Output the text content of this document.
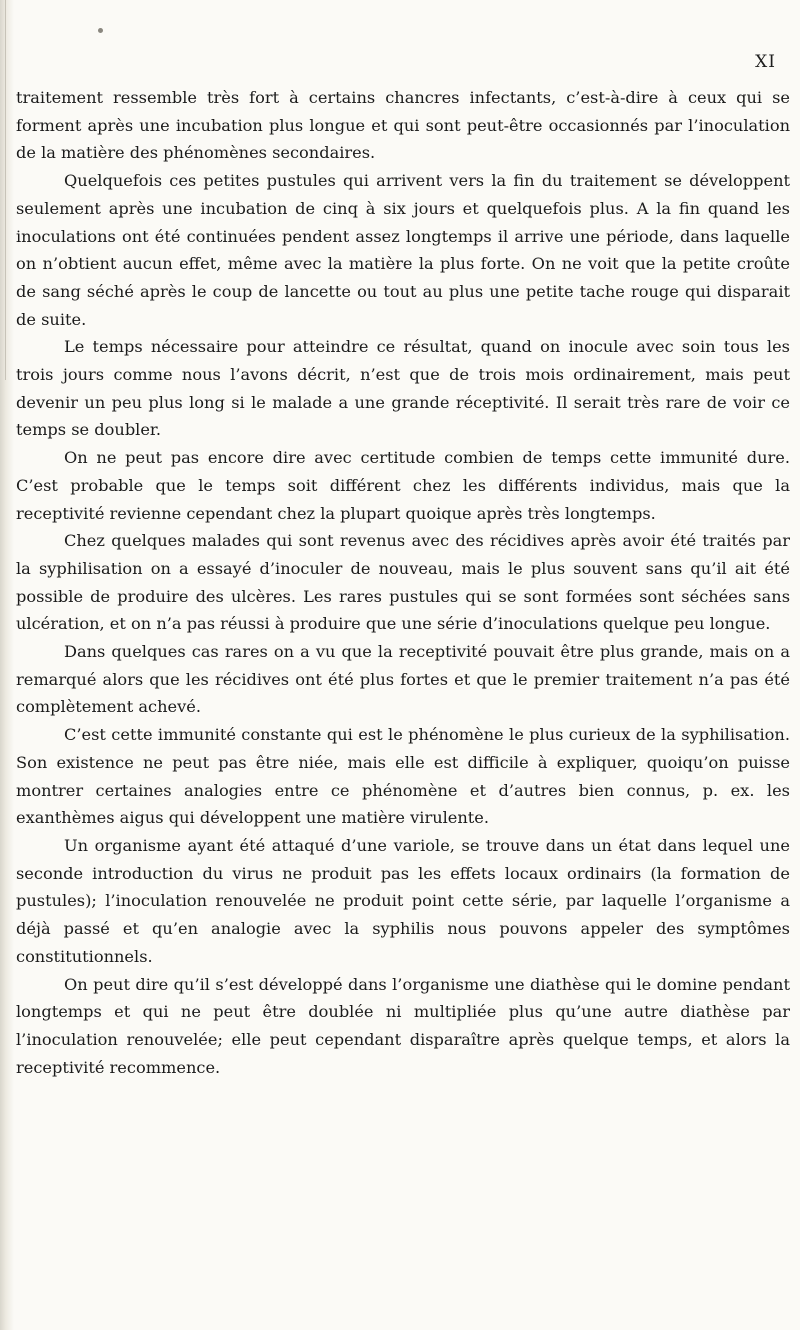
XI

traitement ressemble très fort à certains chancres infectants, c’est-à-dire à ceux qui se forment après une incubation plus longue et qui sont peut-être occasionnés par l’inoculation de la matière des phénomènes secondaires.

Quelquefois ces petites pustules qui arrivent vers la fin du traitement se développent seulement après une incubation de cinq à six jours et quelquefois plus. A la fin quand les inoculations ont été continuées pendent assez longtemps il arrive une période, dans laquelle on n’obtient aucun effet, même avec la matière la plus forte. On ne voit que la petite croûte de sang séché après le coup de lancette ou tout au plus une petite tache rouge qui disparait de suite.

Le temps nécessaire pour atteindre ce résultat, quand on inocule avec soin tous les trois jours comme nous l’avons décrit, n’est que de trois mois ordinairement, mais peut devenir un peu plus long si le malade a une grande réceptivité. Il serait très rare de voir ce temps se doubler.

On ne peut pas encore dire avec certitude combien de temps cette immunité dure. C’est probable que le temps soit différent chez les différents individus, mais que la receptivité revienne cependant chez la plupart quoique après très longtemps.

Chez quelques malades qui sont revenus avec des récidives après avoir été traités par la syphilisation on a essayé d’inoculer de nouveau, mais le plus souvent sans qu’il ait été possible de produire des ulcères. Les rares pustules qui se sont formées sont séchées sans ulcération, et on n’a pas réussi à produire que une série d’inoculations quelque peu longue.

Dans quelques cas rares on a vu que la receptivité pouvait être plus grande, mais on a remarqué alors que les récidives ont été plus fortes et que le premier traitement n’a pas été complètement achevé.

C’est cette immunité constante qui est le phénomène le plus curieux de la syphilisation. Son existence ne peut pas être niée, mais elle est difficile à expliquer, quoiqu’on puisse montrer certaines analogies entre ce phénomène et d’autres bien connus, p. ex. les exanthèmes aigus qui développent une matière virulente.

Un organisme ayant été attaqué d’une variole, se trouve dans un état dans lequel une seconde introduction du virus ne produit pas les effets locaux ordinairs (la formation de pustules); l’inoculation renouvelée ne produit point cette série, par laquelle l’organisme a déjà passé et qu’en analogie avec la syphilis nous pouvons appeler des symptômes constitutionnels.

On peut dire qu’il s’est développé dans l’organisme une diathèse qui le domine pendant longtemps et qui ne peut être doublée ni multipliée plus qu’une autre diathèse par l’inoculation renouvelée; elle peut cependant disparaître après quelque temps, et alors la receptivité recommence.
